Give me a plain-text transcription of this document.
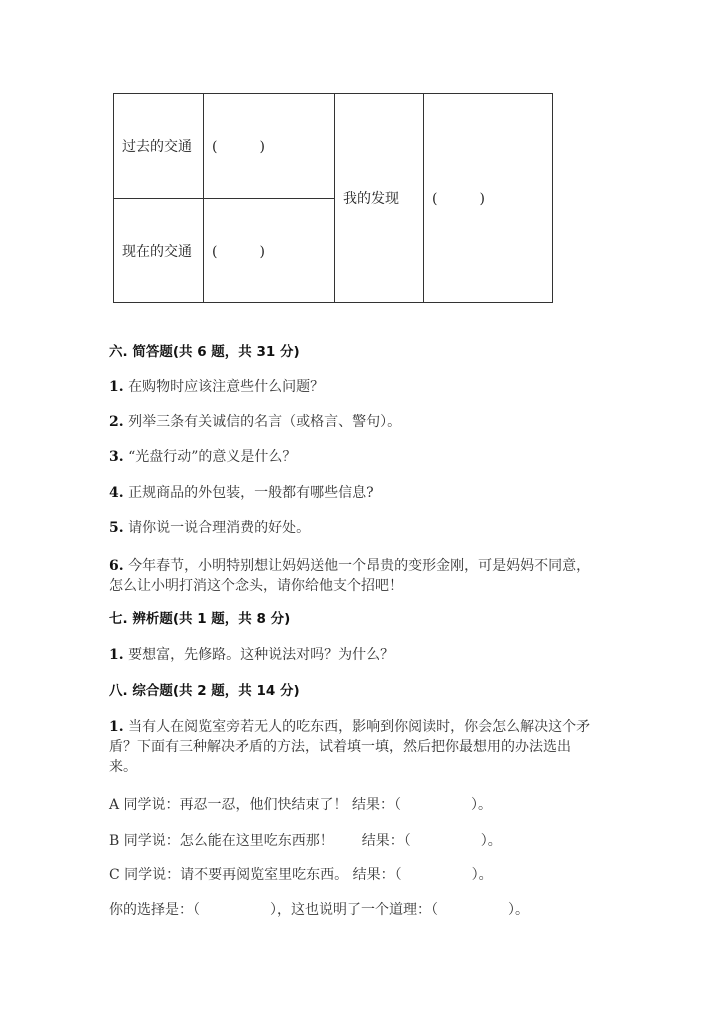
过去的交通	(　　　)	我的发现	(　　　)
现在的交通	(　　　)		
六. 简答题(共 6 题，共 31 分)
1. 在购物时应该注意些什么问题？
2. 列举三条有关诚信的名言（或格言、警句）。
3. “光盘行动”的意义是什么？
4. 正规商品的外包装，一般都有哪些信息?
5. 请你说一说合理消费的好处。
6. 今年春节，小明特别想让妈妈送他一个昂贵的变形金刚，可是妈妈不同意，
怎么让小明打消这个念头，请你给他支个招吧！
七. 辨析题(共 1 题，共 8 分)
1. 要想富，先修路。这种说法对吗？为什么？
八. 综合题(共 2 题，共 14 分)
1. 当有人在阅览室旁若无人的吃东西，影响到你阅读时，你会怎么解决这个矛
盾？下面有三种解决矛盾的方法，试着填一填，然后把你最想用的办法选出
来。
A 同学说：再忍一忍，他们快结束了！ 结果：（　　　　　）。
B 同学说：怎么能在这里吃东西那！　　结果：（　　　　　）。
C 同学说：请不要再阅览室里吃东西。 结果：（　　　　　）。
你的选择是：（　　　　　），这也说明了一个道理：（　　　　　）。
